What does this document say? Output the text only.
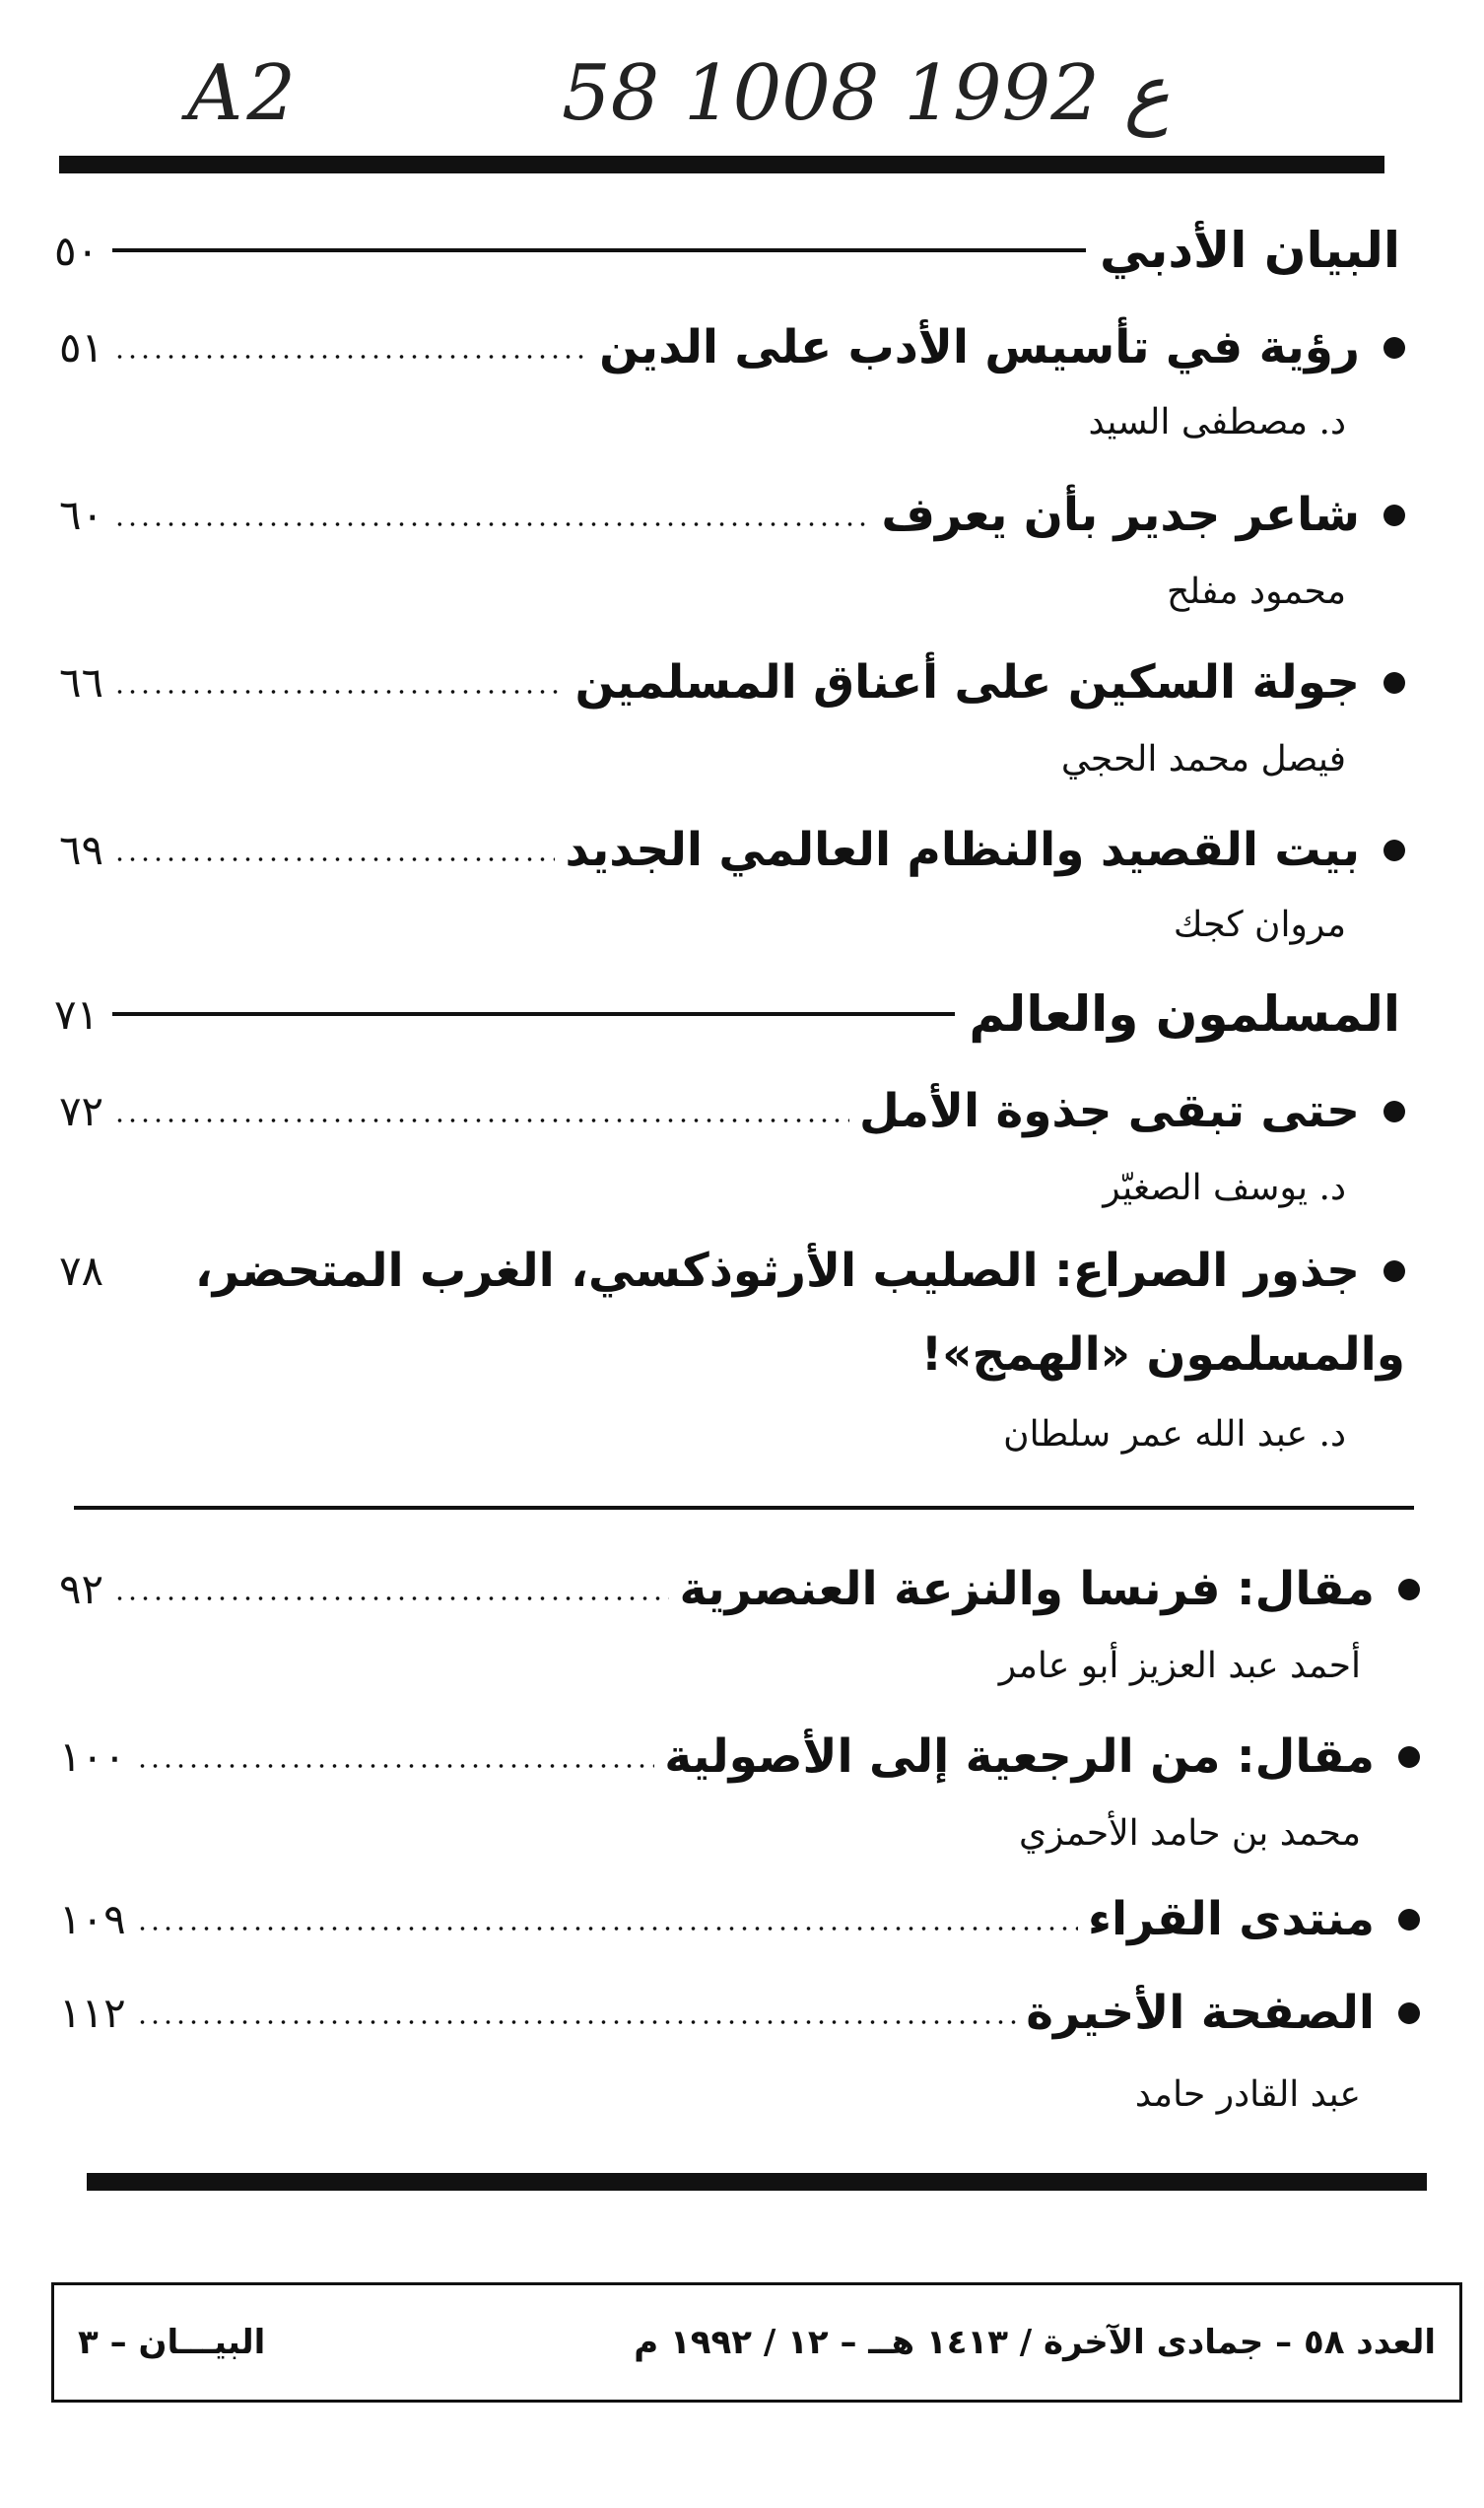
A2	58 ع 1992 1008
البيان الأدبي
٥٠
رؤية في تأسيس الأدب على الدين
٥١
د. مصطفى السيد
شاعر جدير بأن يعرف
٦٠
محمود مفلح
جولة السكين على أعناق المسلمين
٦٦
فيصل محمد الحجي
بيت القصيد والنظام العالمي الجديد
٦٩
مروان كجك
المسلمون والعالم
٧١
حتى تبقى جذوة الأمل
٧٢
د. يوسف الصغيّر
جذور الصراع: الصليب الأرثوذكسي، الغرب المتحضر،
٧٨
والمسلمون «الهمج»!
د. عبد الله عمر سلطان
مقال: فرنسا والنزعة العنصرية
٩٢
أحمد عبد العزيز أبو عامر
مقال: من الرجعية إلى الأصولية
١٠٠
محمد بن حامد الأحمزي
منتدى القراء
١٠٩
الصفحة الأخيرة
١١٢
عبد القادر حامد
العدد ٥٨ – جمادى الآخرة / ١٤١٣ هــ – ١٢ / ١٩٩٢ م
البيـــان – ٣
